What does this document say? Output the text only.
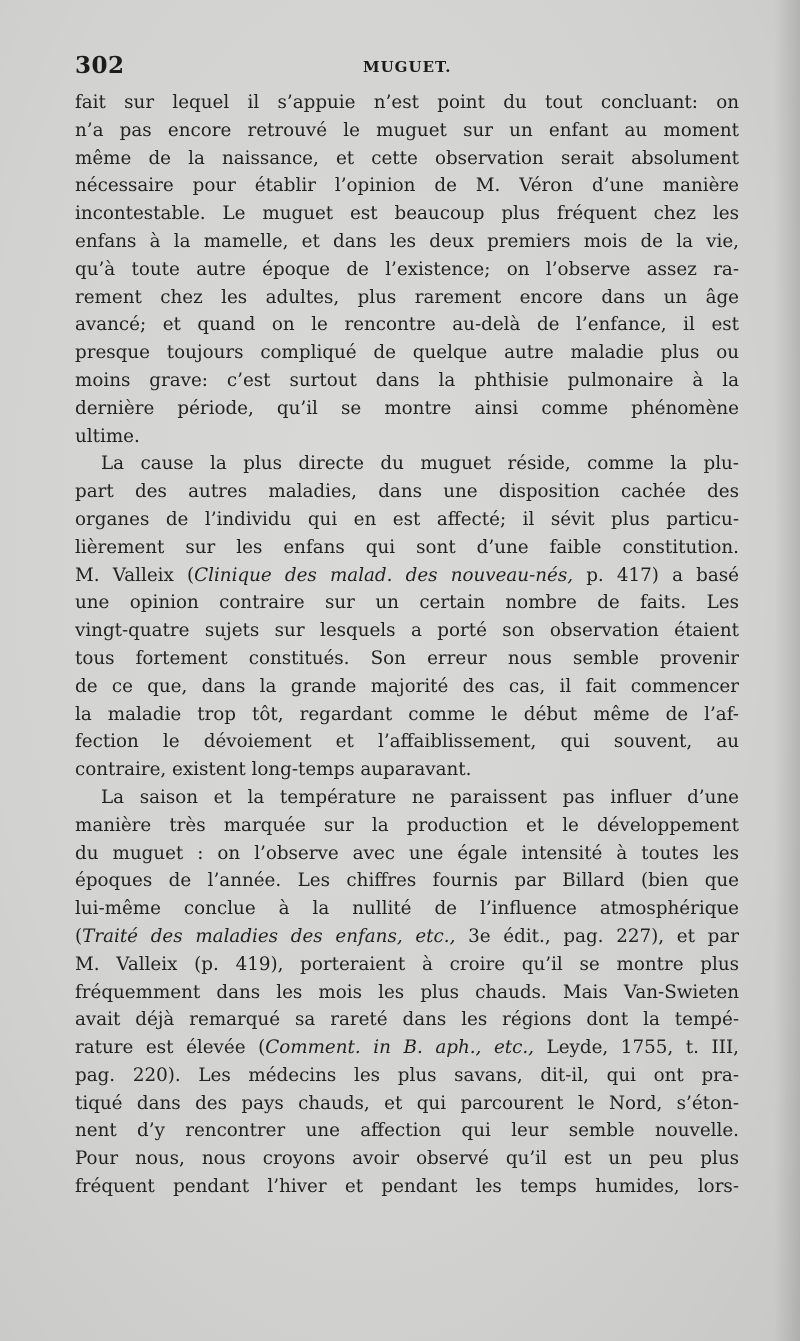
302	MUGUET.
fait sur lequel il s’appuie n’est point du tout concluant: on
n’a pas encore retrouvé le muguet sur un enfant au moment
même de la naissance, et cette observation serait absolument
nécessaire pour établir l’opinion de M. Véron d’une manière
incontestable. Le muguet est beaucoup plus fréquent chez les
enfans à la mamelle, et dans les deux premiers mois de la vie,
qu’à toute autre époque de l’existence; on l’observe assez ra-
rement chez les adultes, plus rarement encore dans un âge
avancé; et quand on le rencontre au-delà de l’enfance, il est
presque toujours compliqué de quelque autre maladie plus ou
moins grave: c’est surtout dans la phthisie pulmonaire à la
dernière période, qu’il se montre ainsi comme phénomène
ultime.
La cause la plus directe du muguet réside, comme la plu-
part des autres maladies, dans une disposition cachée des
organes de l’individu qui en est affecté; il sévit plus particu-
lièrement sur les enfans qui sont d’une faible constitution.
M. Valleix (Clinique des malad. des nouveau-nés, p. 417) a basé
une opinion contraire sur un certain nombre de faits. Les
vingt-quatre sujets sur lesquels a porté son observation étaient
tous fortement constitués. Son erreur nous semble provenir
de ce que, dans la grande majorité des cas, il fait commencer
la maladie trop tôt, regardant comme le début même de l’af-
fection le dévoiement et l’affaiblissement, qui souvent, au
contraire, existent long-temps auparavant.
La saison et la température ne paraissent pas influer d’une
manière très marquée sur la production et le développement
du muguet : on l’observe avec une égale intensité à toutes les
époques de l’année. Les chiffres fournis par Billard (bien que
lui-même conclue à la nullité de l’influence atmosphérique
(Traité des maladies des enfans, etc., 3e édit., pag. 227), et par
M. Valleix (p. 419), porteraient à croire qu’il se montre plus
fréquemment dans les mois les plus chauds. Mais Van-Swieten
avait déjà remarqué sa rareté dans les régions dont la tempé-
rature est élevée (Comment. in B. aph., etc., Leyde, 1755, t. III,
pag. 220). Les médecins les plus savans, dit-il, qui ont pra-
tiqué dans des pays chauds, et qui parcourent le Nord, s’éton-
nent d’y rencontrer une affection qui leur semble nouvelle.
Pour nous, nous croyons avoir observé qu’il est un peu plus
fréquent pendant l’hiver et pendant les temps humides, lors-
